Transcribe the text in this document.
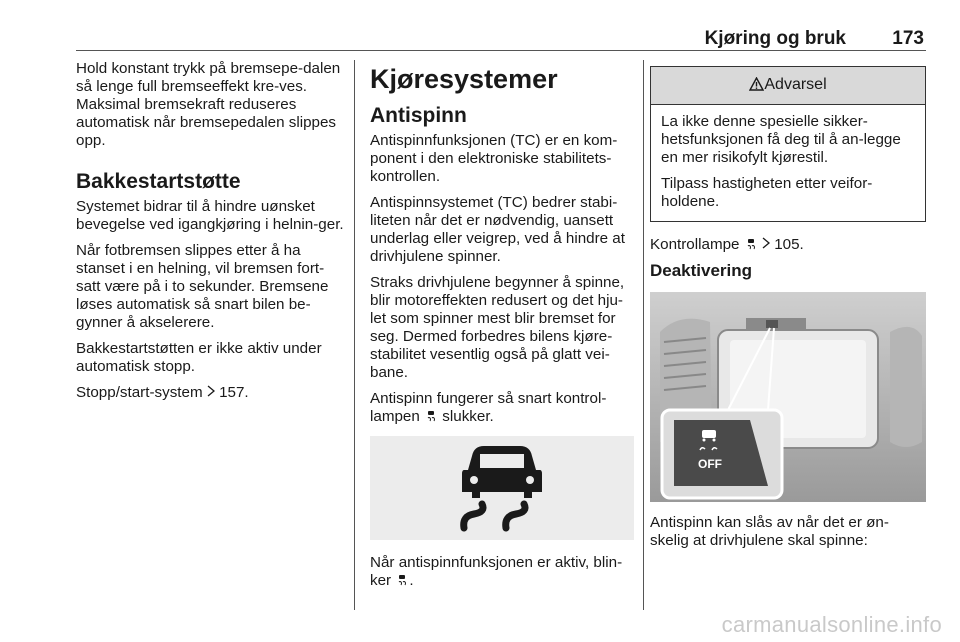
Kjøring og bruk 173

Hold konstant trykk på bremsepe-dalen så lenge full bremseeffekt kre-ves. Maksimal bremsekraft reduseres automatisk når bremsepedalen slippes opp.

Bakkestartstøtte

Systemet bidrar til å hindre uønsket bevegelse ved igangkjøring i helnin-ger.

Når fotbremsen slippes etter å ha stanset i en helning, vil bremsen fort-satt være på i to sekunder. Bremsene løses automatisk så snart bilen be-gynner å akselerere.

Bakkestartstøtten er ikke aktiv under automatisk stopp.

Stopp/start-system 157.

Kjøresystemer
Antispinn

Antispinnfunksjonen (TC) er en kom-ponent i den elektroniske stabilitets-kontrollen.

Antispinnsystemet (TC) bedrer stabi-liteten når det er nødvendig, uansett underlag eller veigrep, ved å hindre at drivhjulene spinner.

Straks drivhjulene begynner å spinne, blir motoreffekten redusert og det hju-let som spinner mest blir bremset for seg. Dermed forbedres bilens kjøre-stabilitet vesentlig også på glatt vei-bane.

Antispinn fungerer så snart kontrol-lampen slukker.

Når antispinnfunksjonen er aktiv, blin-ker .

Advarsel

La ikke denne spesielle sikker-hetsfunksjonen få deg til å an-legge en mer risikofylt kjørestil.

Tilpass hastigheten etter veifor-holdene.

Kontrollampe 105.

Deaktivering
OFF

Antispinn kan slås av når det er øn-skelig at drivhjulene skal spinne:

carmanualsonline.info
